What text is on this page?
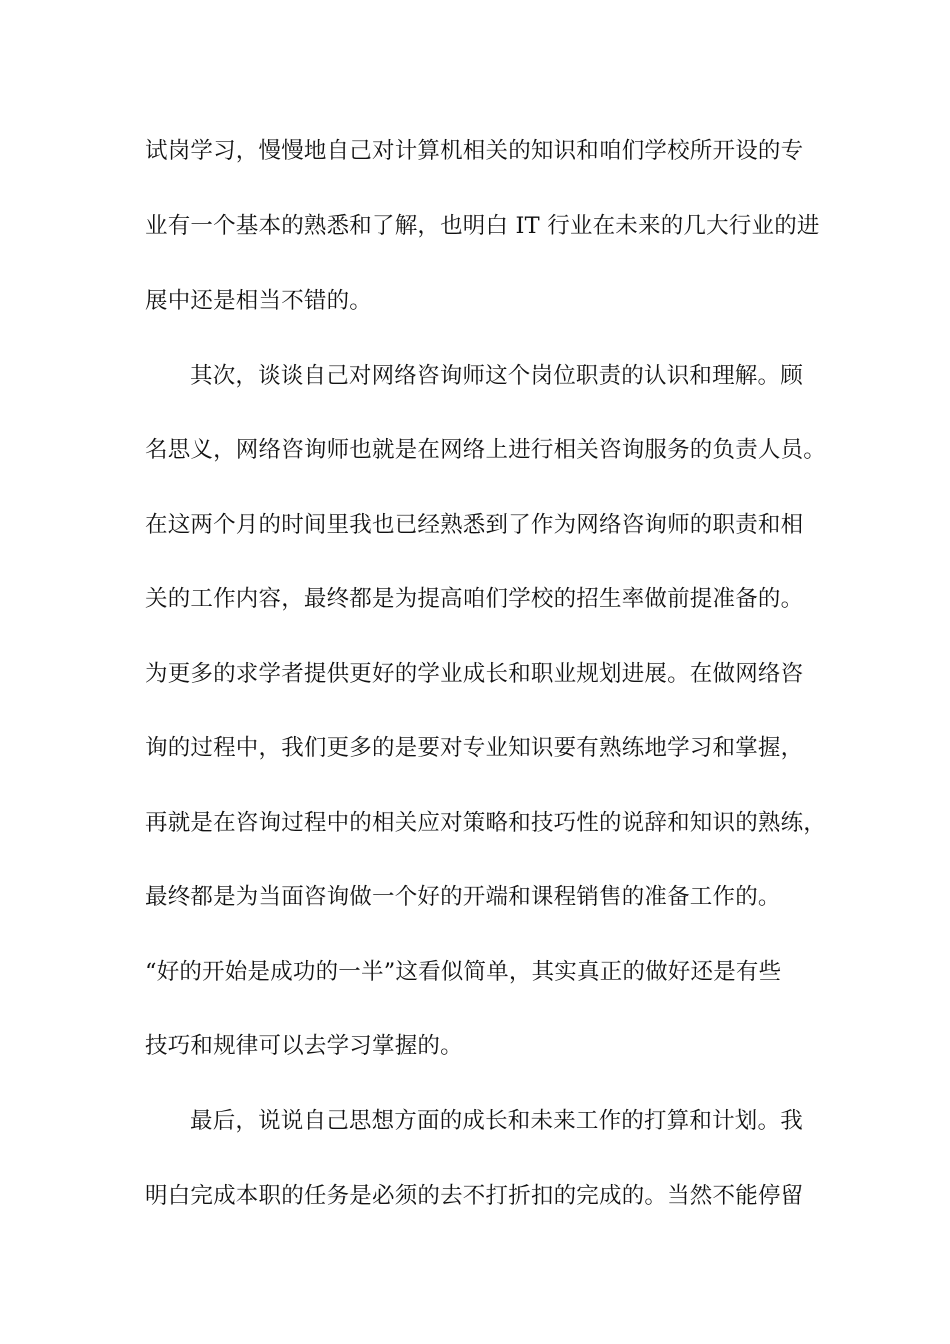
试岗学习，慢慢地自己对计算机相关的知识和咱们学校所开设的专
业有一个基本的熟悉和了解，也明白 IT 行业在未来的几大行业的进
展中还是相当不错的。
其次，谈谈自己对网络咨询师这个岗位职责的认识和理解。顾
名思义，网络咨询师也就是在网络上进行相关咨询服务的负责人员。
在这两个月的时间里我也已经熟悉到了作为网络咨询师的职责和相
关的工作内容，最终都是为提高咱们学校的招生率做前提准备的。
为更多的求学者提供更好的学业成长和职业规划进展。在做网络咨
询的过程中，我们更多的是要对专业知识要有熟练地学习和掌握，
再就是在咨询过程中的相关应对策略和技巧性的说辞和知识的熟练，
最终都是为当面咨询做一个好的开端和课程销售的准备工作的。
“好的开始是成功的一半”这看似简单，其实真正的做好还是有些
技巧和规律可以去学习掌握的。
最后，说说自己思想方面的成长和未来工作的打算和计划。我
明白完成本职的任务是必须的去不打折扣的完成的。当然不能停留
